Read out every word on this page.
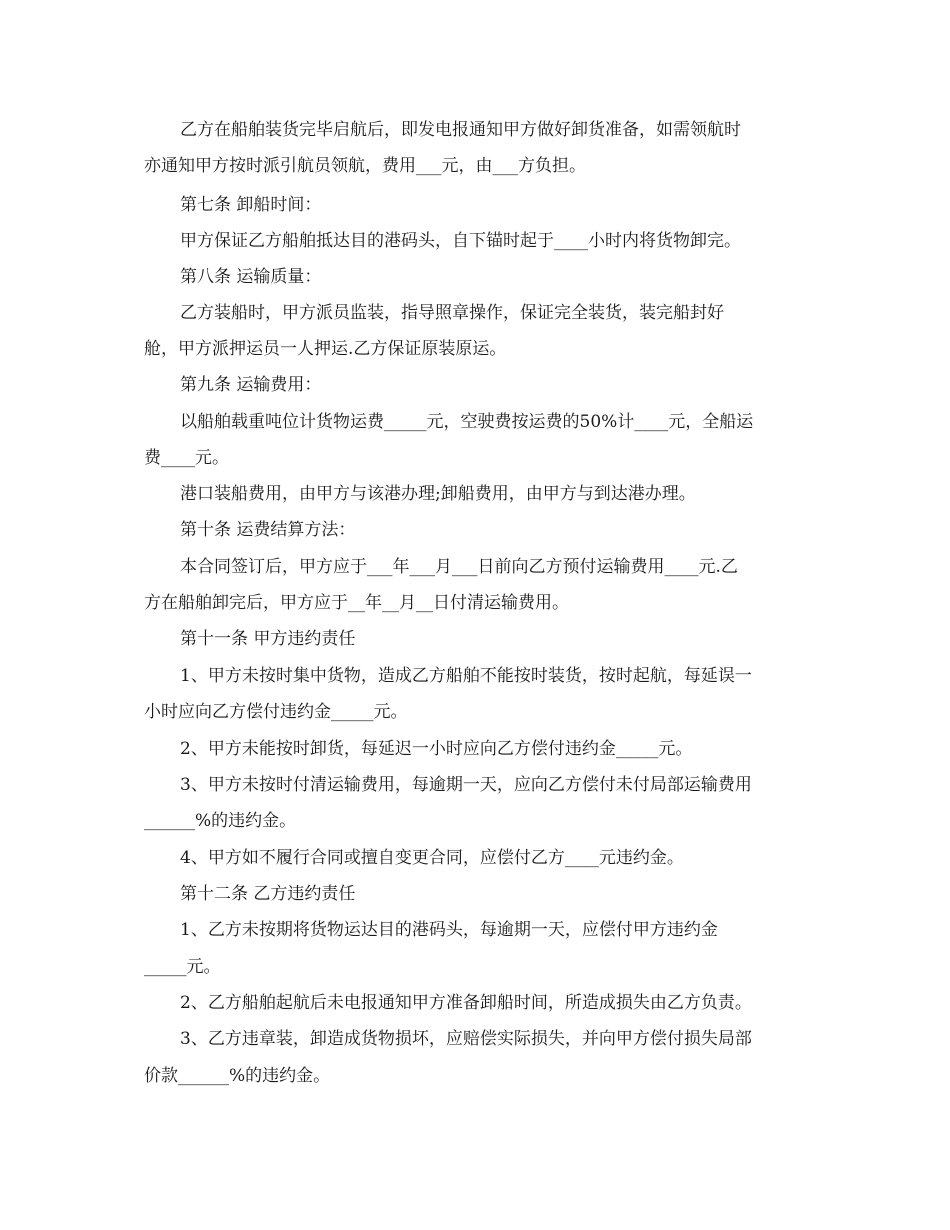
乙方在船舶装货完毕启航后，即发电报通知甲方做好卸货准备，如需领航时
亦通知甲方按时派引航员领航，费用___元，由___方负担。
第七条 卸船时间：
甲方保证乙方船舶抵达目的港码头，自下锚时起于____小时内将货物卸完。
第八条 运输质量：
乙方装船时，甲方派员监装，指导照章操作，保证完全装货，装完船封好
舱，甲方派押运员一人押运.乙方保证原装原运。
第九条 运输费用：
以船舶载重吨位计货物运费_____元，空驶费按运费的50%计____元，全船运
费____元。
港口装船费用，由甲方与该港办理;卸船费用，由甲方与到达港办理。
第十条 运费结算方法：
本合同签订后，甲方应于___年___月___日前向乙方预付运输费用____元.乙
方在船舶卸完后，甲方应于__年__月__日付清运输费用。
第十一条 甲方违约责任
1、甲方未按时集中货物，造成乙方船舶不能按时装货，按时起航，每延误一
小时应向乙方偿付违约金_____元。
2、甲方未能按时卸货，每延迟一小时应向乙方偿付违约金_____元。
3、甲方未按时付清运输费用，每逾期一天，应向乙方偿付未付局部运输费用
______%的违约金。
4、甲方如不履行合同或擅自变更合同，应偿付乙方____元违约金。
第十二条 乙方违约责任
1、乙方未按期将货物运达目的港码头，每逾期一天，应偿付甲方违约金
_____元。
2、乙方船舶起航后未电报通知甲方准备卸船时间，所造成损失由乙方负责。
3、乙方违章装，卸造成货物损坏，应赔偿实际损失，并向甲方偿付损失局部
价款______%的违约金。
